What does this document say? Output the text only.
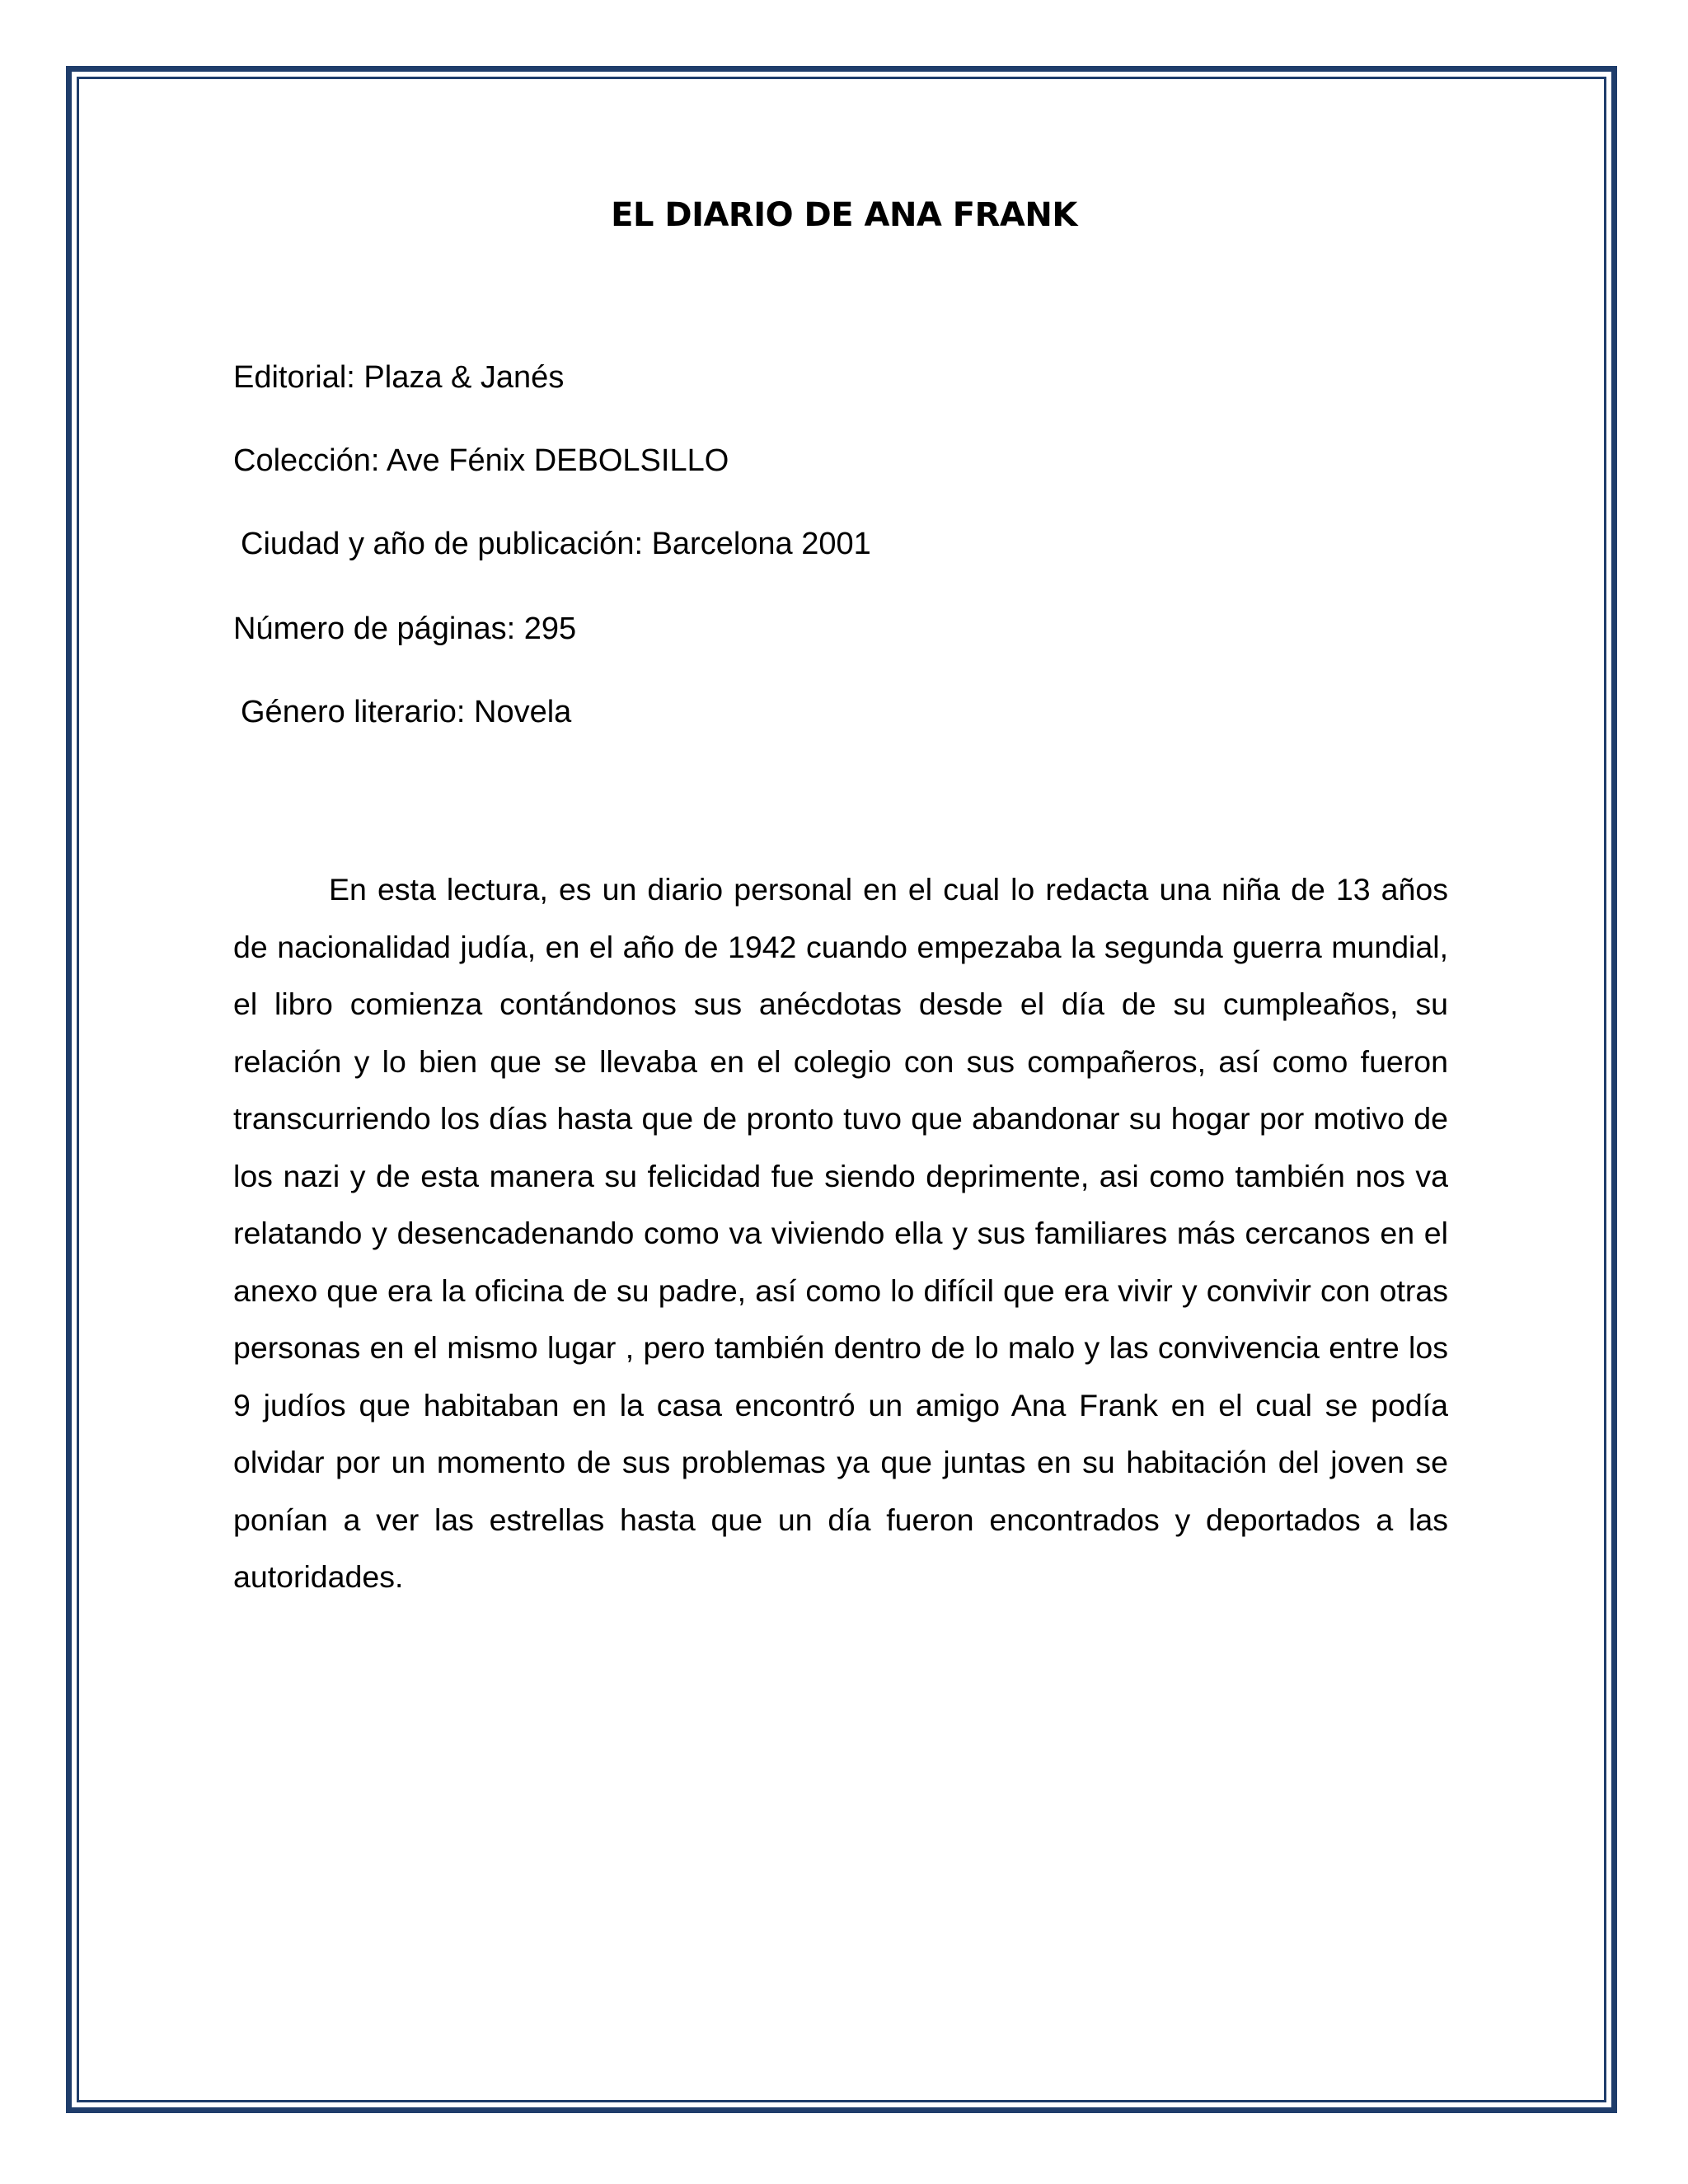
EL DIARIO DE ANA FRANK
Editorial: Plaza & Janés
Colección: Ave Fénix DEBOLSILLO
Ciudad y año de publicación: Barcelona 2001
Número de páginas: 295
Género literario: Novela

En esta lectura, es un diario personal en el cual lo redacta una niña de 13 años de nacionalidad judía, en el año de 1942 cuando empezaba la segunda guerra mundial, el libro comienza contándonos sus anécdotas desde el día de su cumpleaños, su relación y lo bien que se llevaba en el colegio con sus compañeros, así como fueron transcurriendo los días hasta que de pronto tuvo que abandonar su hogar por motivo de los nazi y de esta manera su felicidad fue siendo deprimente, asi como también nos va relatando y desencadenando como va viviendo ella y sus familiares más cercanos en el anexo que era la oficina de su padre, así como lo difícil que era vivir y convivir con otras personas en el mismo lugar , pero también dentro de lo malo y las convivencia entre los 9 judíos que habitaban en la casa encontró un amigo Ana Frank en el cual se podía olvidar por un momento de sus problemas ya que juntas en su habitación del joven se ponían a ver las estrellas hasta que un día fueron encontrados y deportados a las autoridades.
